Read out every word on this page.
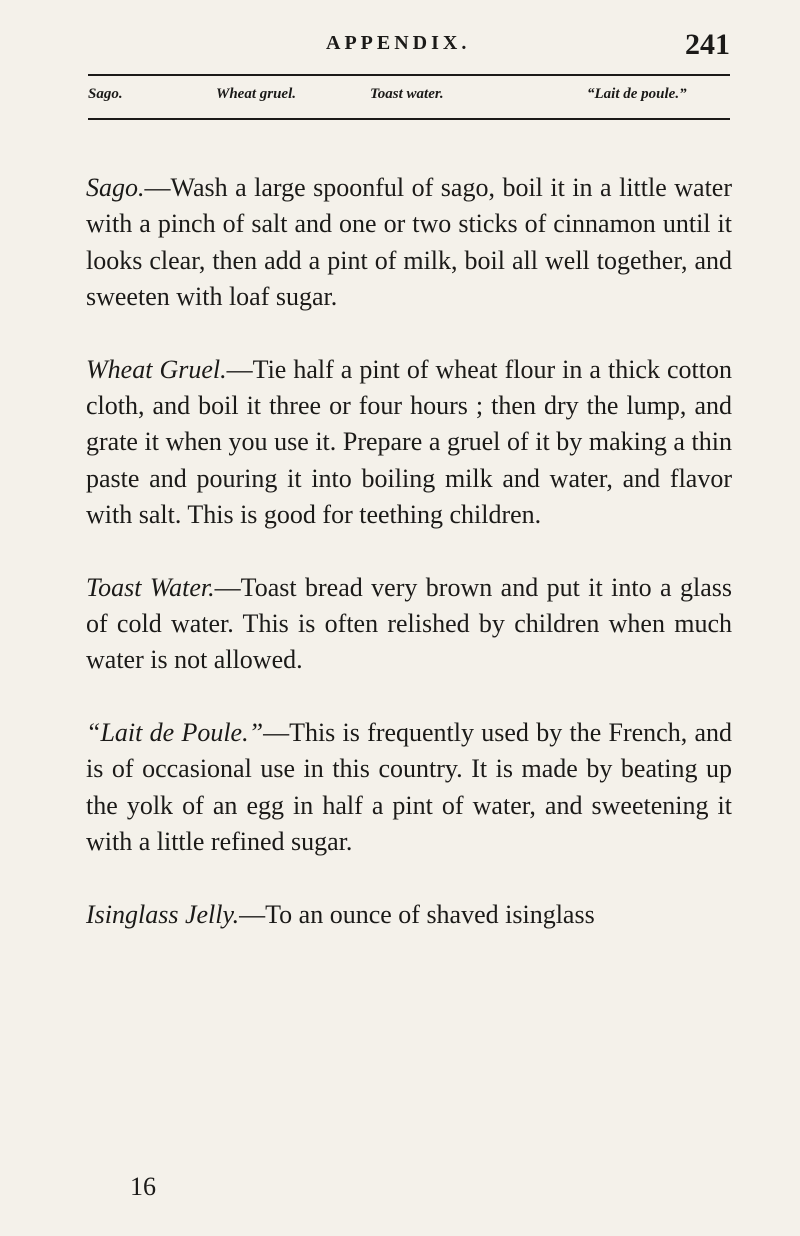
APPENDIX.	241
Sago.	Wheat gruel.	Toast water.	“Lait de poule.”

Sago.—Wash a large spoonful of sago, boil it in a little water with a pinch of salt and one or two sticks of cinnamon until it looks clear, then add a pint of milk, boil all well together, and sweeten with loaf sugar.

Wheat Gruel.—Tie half a pint of wheat flour in a thick cotton cloth, and boil it three or four hours ; then dry the lump, and grate it when you use it. Prepare a gruel of it by making a thin paste and pouring it into boiling milk and water, and flavor with salt. This is good for teething children.

Toast Water.—Toast bread very brown and put it into a glass of cold water. This is often relished by children when much water is not allowed.

“Lait de Poule.”—This is frequently used by the French, and is of occasional use in this country. It is made by beating up the yolk of an egg in half a pint of water, and sweetening it with a little refined sugar.

Isinglass Jelly.—To an ounce of shaved isinglass

16
